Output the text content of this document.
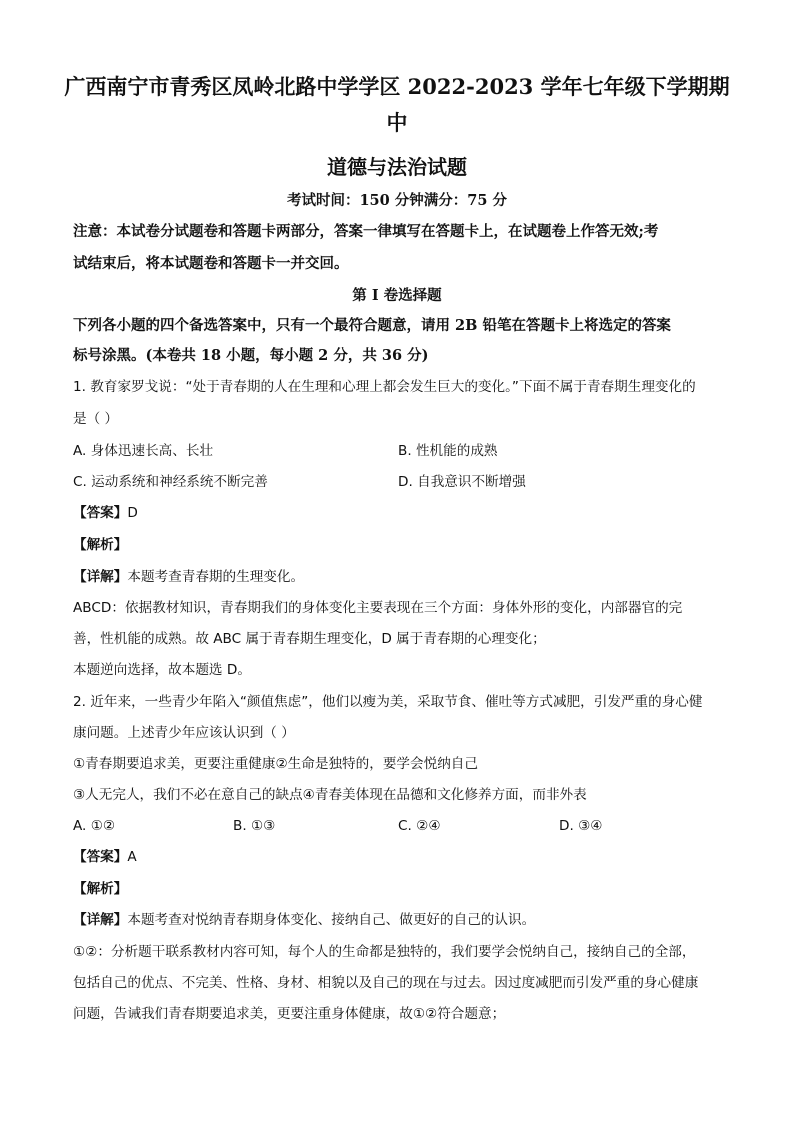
广西南宁市青秀区凤岭北路中学学区 2022-2023 学年七年级下学期期
中
道德与法治试题
考试时间：150 分钟满分：75 分
注意：本试卷分试题卷和答题卡两部分，答案一律填写在答题卡上，在试题卷上作答无效;考
试结束后，将本试题卷和答题卡一并交回。
第 I 卷选择题
下列各小题的四个备选答案中，只有一个最符合题意，请用 2B 铅笔在答题卡上将选定的答案
标号涂黑。(本卷共 18 小题，每小题 2 分，共 36 分)
1. 教育家罗戈说：“处于青春期的人在生理和心理上都会发生巨大的变化。”下面不属于青春期生理变化的
是（ ）
A. 身体迅速长高、长壮	B. 性机能的成熟
C. 运动系统和神经系统不断完善	D. 自我意识不断增强
【答案】D
【解析】
【详解】本题考查青春期的生理变化。
ABCD：依据教材知识，青春期我们的身体变化主要表现在三个方面：身体外形的变化，内部器官的完
善，性机能的成熟。故 ABC 属于青春期生理变化，D 属于青春期的心理变化；
本题逆向选择，故本题选 D。
2. 近年来，一些青少年陷入“颜值焦虑”，他们以瘦为美，采取节食、催吐等方式减肥，引发严重的身心健
康问题。上述青少年应该认识到（ ）
①青春期要追求美，更要注重健康②生命是独特的，要学会悦纳自己
③人无完人，我们不必在意自己的缺点④青春美体现在品德和文化修养方面，而非外表
A. ①②	B. ①③	C. ②④	D. ③④
【答案】A
【解析】
【详解】本题考查对悦纳青春期身体变化、接纳自己、做更好的自己的认识。
①②：分析题干联系教材内容可知，每个人的生命都是独特的，我们要学会悦纳自己，接纳自己的全部，
包括自己的优点、不完美、性格、身材、相貌以及自己的现在与过去。因过度减肥而引发严重的身心健康
问题，告诫我们青春期要追求美，更要注重身体健康，故①②符合题意；
